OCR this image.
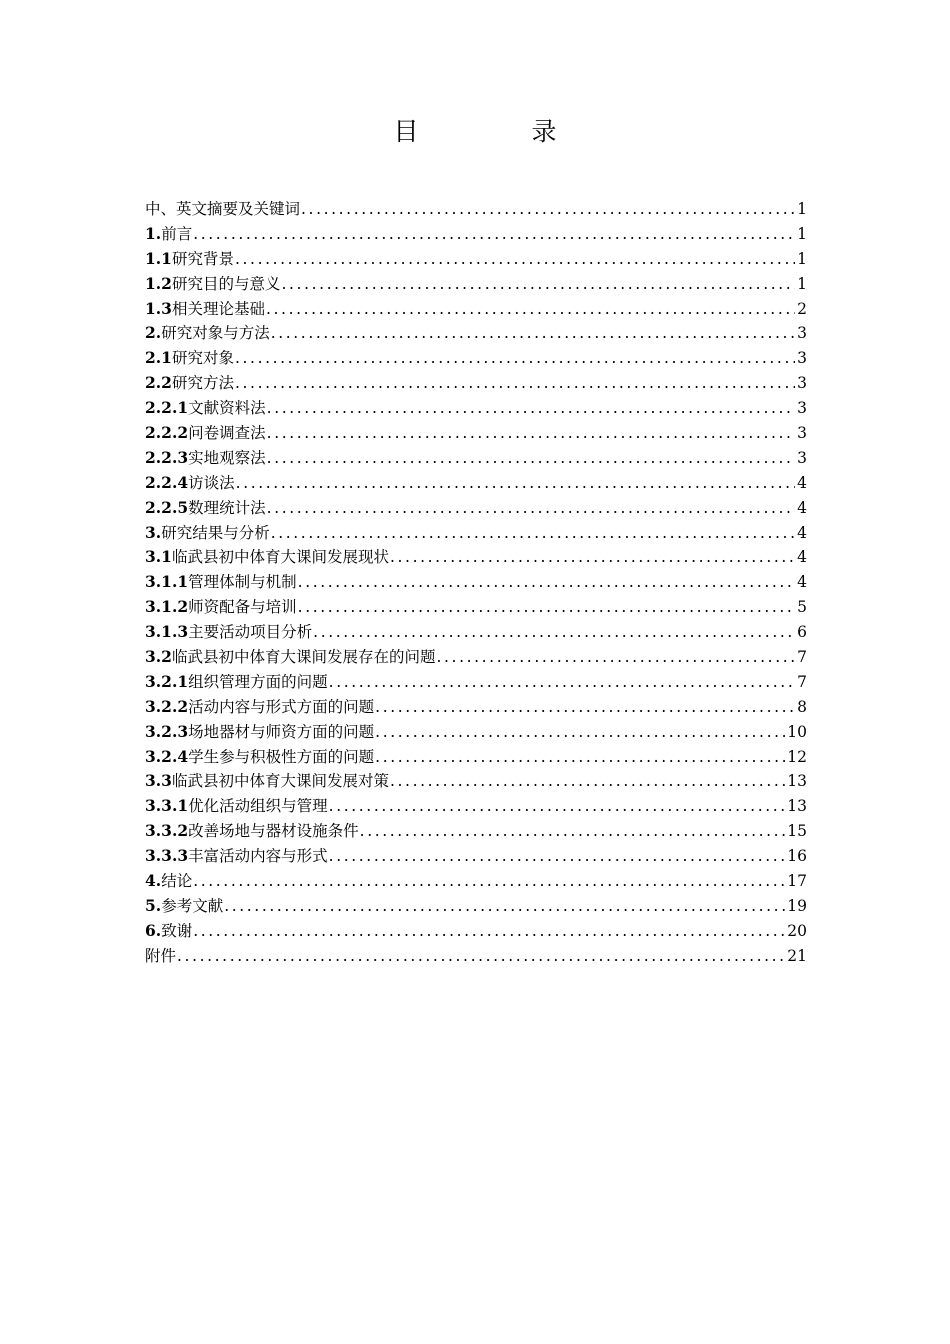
目　录
中、英文摘要及关键词 .....	1
1. 前言 .....	1
1.1 研究背景 .....	1
1.2 研究目的与意义 .....	1
1.3 相关理论基础 .....	2
2. 研究对象与方法 .....	3
2.1 研究对象 .....	3
2.2 研究方法 .....	3
2.2.1 文献资料法 .....	3
2.2.2 问卷调查法 .....	3
2.2.3 实地观察法 .....	3
2.2.4 访谈法 .....	4
2.2.5 数理统计法 .....	4
3. 研究结果与分析 .....	4
3.1 临武县初中体育大课间发展现状 .....	4
3.1.1 管理体制与机制 .....	4
3.1.2 师资配备与培训 .....	5
3.1.3 主要活动项目分析 .....	6
3.2 临武县初中体育大课间发展存在的问题 .....	7
3.2.1 组织管理方面的问题 .....	7
3.2.2 活动内容与形式方面的问题 .....	8
3.2.3 场地器材与师资方面的问题 .....	10
3.2.4 学生参与积极性方面的问题 .....	12
3.3 临武县初中体育大课间发展对策 .....	13
3.3.1 优化活动组织与管理 .....	13
3.3.2 改善场地与器材设施条件 .....	15
3.3.3 丰富活动内容与形式 .....	16
4. 结论 .....	17
5. 参考文献 .....	19
6. 致谢 .....	20
附件 .....	21
